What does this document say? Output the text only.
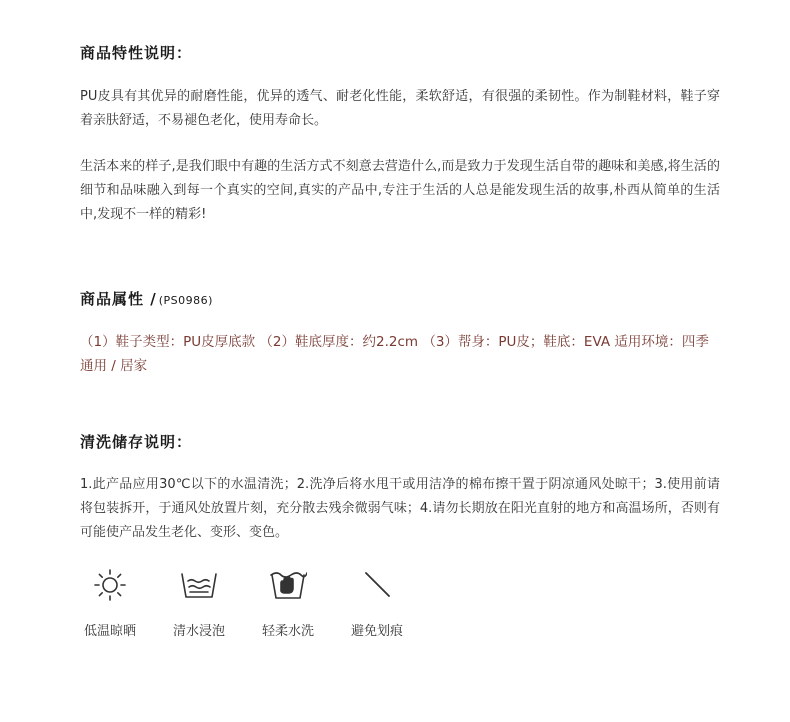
商品特性说明：

PU皮具有其优异的耐磨性能，优异的透气、耐老化性能，柔软舒适，有很强的柔韧性。作为制鞋材料，鞋子穿着亲肤舒适，不易褪色老化，使用寿命长。

生活本来的样子,是我们眼中有趣的生活方式不刻意去营造什么,而是致力于发现生活自带的趣味和美感,将生活的细节和品味融入到每一个真实的空间,真实的产品中,专注于生活的人总是能发现生活的故事,朴西从简单的生活中,发现不一样的精彩!

商品属性 / (PS0986)

（1）鞋子类型：PU皮厚底款 （2）鞋底厚度：约2.2cm （3）帮身：PU皮；鞋底：EVA 适用环境：四季通用 / 居家

清洗储存说明：

1.此产品应用30℃以下的水温清洗；2.洗净后将水甩干或用洁净的棉布擦干置于阴凉通风处晾干；3.使用前请将包装拆开，于通风处放置片刻，充分散去残余微弱气味；4.请勿长期放在阳光直射的地方和高温场所，否则有可能使产品发生老化、变形、变色。

低温晾晒	清水浸泡	轻柔水洗	避免划痕
